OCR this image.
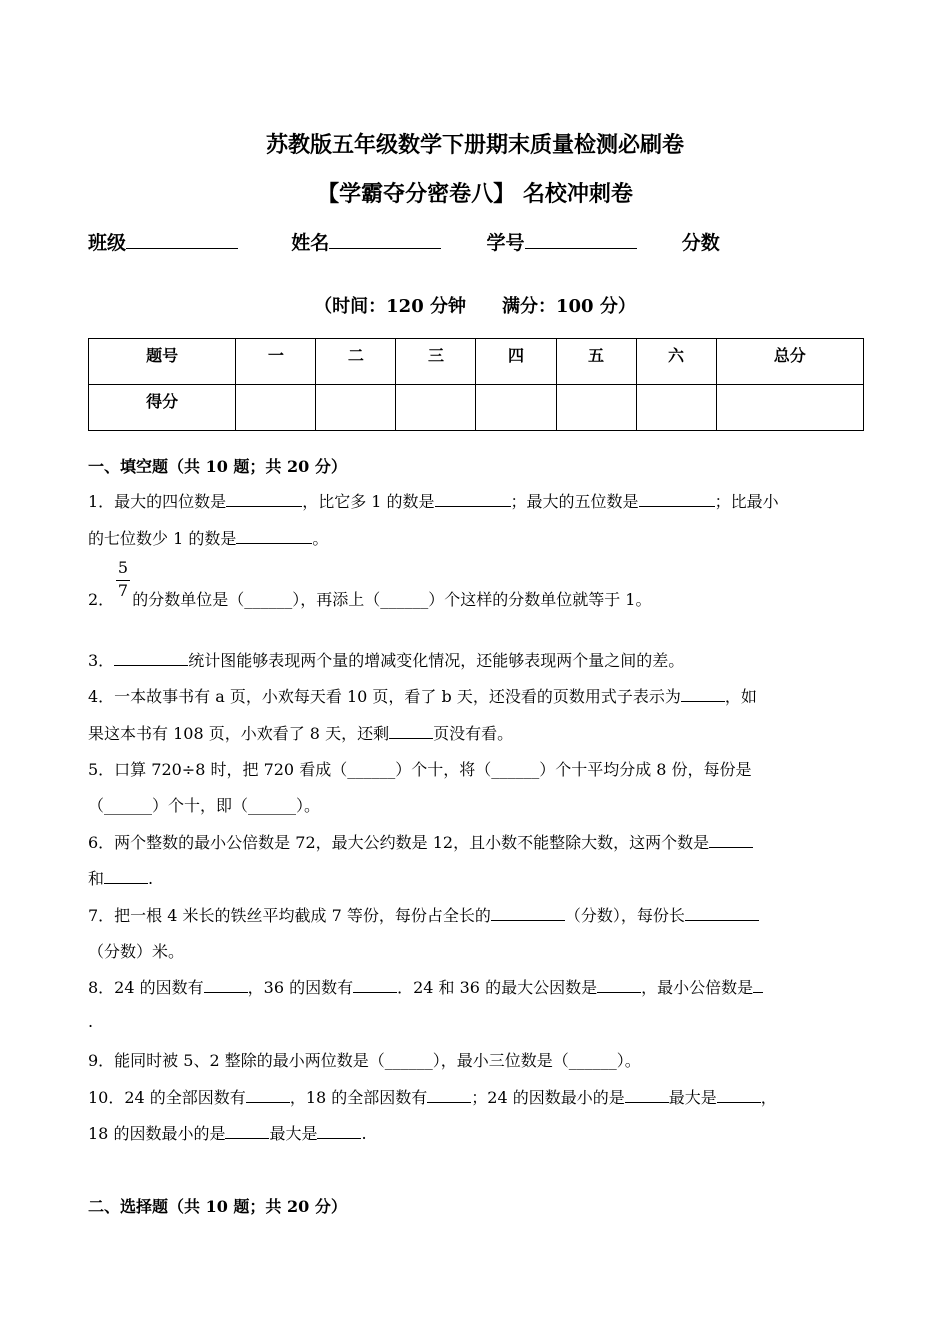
苏教版五年级数学下册期末质量检测必刷卷
【学霸夺分密卷八】 名校冲刺卷
班级	姓名	学号	分数
（时间：120 分钟　　满分：100 分）
题号	一	二	三	四	五	六	总分
得分							
一、填空题（共 10 题；共 20 分）
1．最大的四位数是	，比它多 1 的数是	；最大的五位数是	；比最小
的七位数少 1 的数是	。
5
7
2． 的分数单位是（______），再添上（______）个这样的分数单位就等于 1。
3．	统计图能够表现两个量的增减变化情况，还能够表现两个量之间的差。
4．一本故事书有 a 页，小欢每天看 10 页，看了 b 天，还没看的页数用式子表示为	，如
果这本书有 108 页，小欢看了 8 天，还剩	页没有看。
5．口算 720÷8 时，把 720 看成（______）个十，将（______）个十平均分成 8 份，每份是
（______）个十，即（______）。
6．两个整数的最小公倍数是 72，最大公约数是 12，且小数不能整除大数，这两个数是
和	.
7．把一根 4 米长的铁丝平均截成 7 等份，每份占全长的	（分数），每份长
（分数）米。
8．24 的因数有	，36 的因数有	．24 和 36 的最大公因数是	，最小公倍数是
.
9．能同时被 5、2 整除的最小两位数是（______），最小三位数是（______）。
10．24 的全部因数有	，18 的全部因数有	；24 的因数最小的是	最大是	，
18 的因数最小的是	最大是	.
二、选择题（共 10 题；共 20 分）
